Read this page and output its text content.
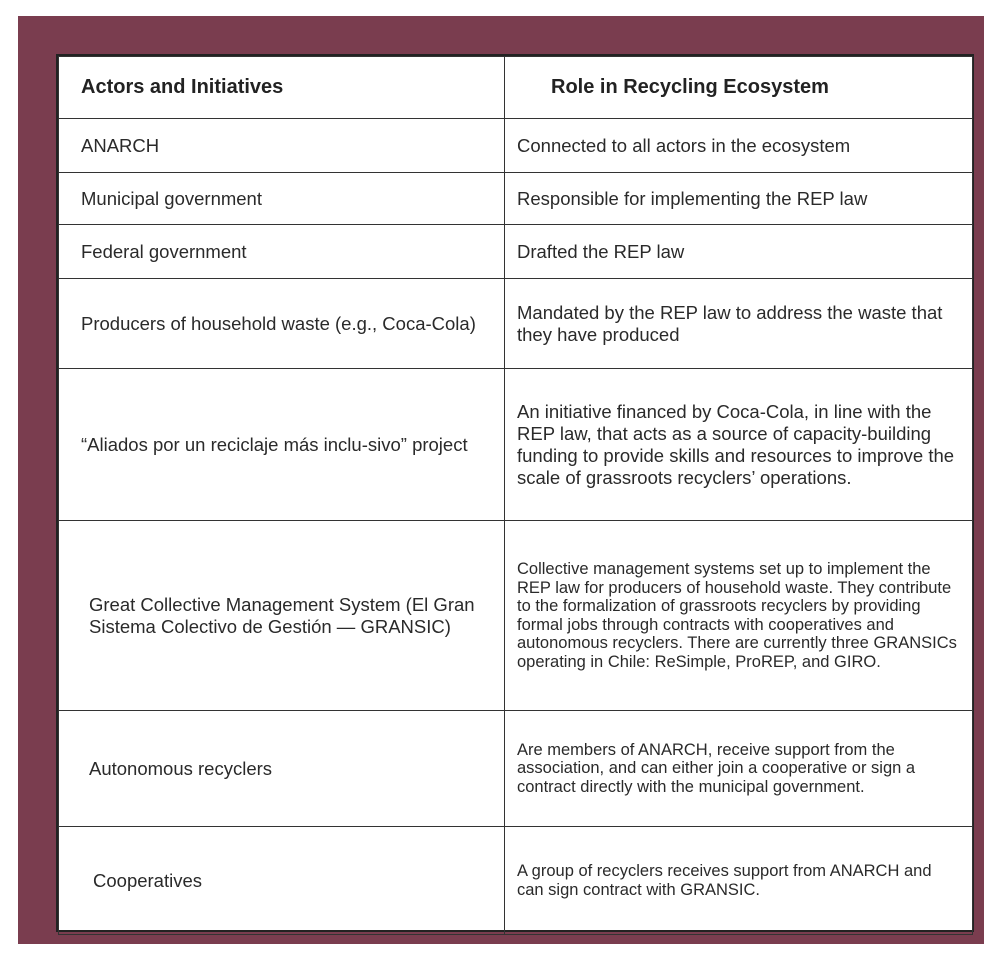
Actors and Initiatives	Role in Recycling Ecosystem
ANARCH	Connected to all actors in the ecosystem
Municipal government	Responsible for implementing the REP law
Federal government	Drafted the REP law
Producers of household waste (e.g., Coca-Cola)	Mandated by the REP law to address the waste that they have produced
“Aliados por un reciclaje más inclu-sivo” project	An initiative financed by Coca-Cola, in line with the REP law, that acts as a source of capacity-building funding to provide skills and resources to improve the scale of grassroots recyclers’ operations.
Great Collective Management System (El Gran Sistema Colectivo de Gestión — GRANSIC)	Collective management systems set up to implement the REP law for producers of household waste. They contribute to the formalization of grassroots recyclers by providing formal jobs through contracts with cooperatives and autonomous recyclers. There are currently three GRANSICs operating in Chile: ReSimple, ProREP, and GIRO.
Autonomous recyclers	Are members of ANARCH, receive support from the association, and can either join a cooperative or sign a contract directly with the municipal government.
Cooperatives	A group of recyclers receives support from ANARCH and can sign contract with GRANSIC.
